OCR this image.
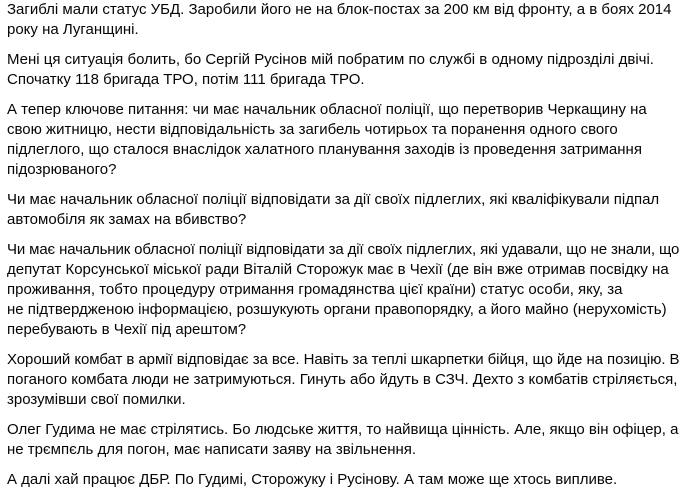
Загиблі мали статус УБД. Заробили його не на блок-постах за 200 км від фронту, а в боях 2014
року на Луганщині.

Мені ця ситуація болить, бо Сергій Русінов мій побратим по службі в одному підрозділі двічі.
Спочатку 118 бригада ТРО, потім 111 бригада ТРО.

А тепер ключове питання: чи має начальник обласної поліції, що перетворив Черкащину на
свою житницю, нести відповідальність за загибель чотирьох та поранення одного свого
підлеглого, що сталося внаслідок халатного планування заходів із проведення затримання
підозрюваного?

Чи має начальник обласної поліції відповідати за дії своїх підлеглих, які кваліфікували підпал
автомобіля як замах на вбивство?

Чи має начальник обласної поліції відповідати за дії своїх підлеглих, які удавали, що не знали, що
депутат Корсунської міської ради Віталій Сторожук має в Чехії (де він вже отримав посвідку на
проживання, тобто процедуру отримання громадянства цієї країни) статус особи, яку, за
не підтвердженою інформацією, розшукують органи правопорядку, а його майно (нерухомість)
перебувають в Чехії під арештом?

Хороший комбат в армії відповідає за все. Навіть за теплі шкарпетки бійця, що йде на позицію. В
поганого комбата люди не затримуються. Гинуть або йдуть в СЗЧ. Дехто з комбатів стріляється,
зрозумівши свої помилки.

Олег Гудима не має стрілятись. Бо людське життя, то найвища цінність. Але, якщо він офіцер, а
не трємпєль для погон, має написати заяву на звільнення.

А далі хай працює ДБР. По Гудимі, Сторожуку і Русінову. А там може ще хтось випливе.
